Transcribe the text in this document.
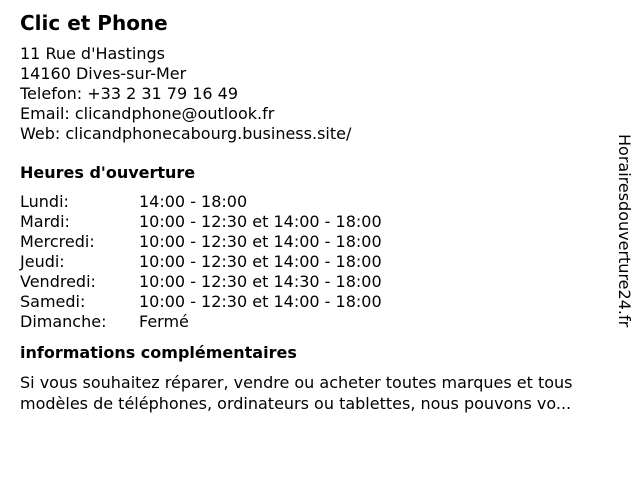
Clic et Phone
11 Rue d'Hastings
14160 Dives-sur-Mer
Telefon: +33 2 31 79 16 49
Email: clicandphone@outlook.fr
Web: clicandphonecabourg.business.site/
Heures d'ouverture
Lundi:	14:00 - 18:00
Mardi:	10:00 - 12:30 et 14:00 - 18:00
Mercredi:	10:00 - 12:30 et 14:00 - 18:00
Jeudi:	10:00 - 12:30 et 14:00 - 18:00
Vendredi:	10:00 - 12:30 et 14:30 - 18:00
Samedi:	10:00 - 12:30 et 14:00 - 18:00
Dimanche:	Fermé
informations complémentaires
Si vous souhaitez réparer, vendre ou acheter toutes marques et tous
modèles de téléphones, ordinateurs ou tablettes, nous pouvons vo...
Horairesdouverture24.fr
